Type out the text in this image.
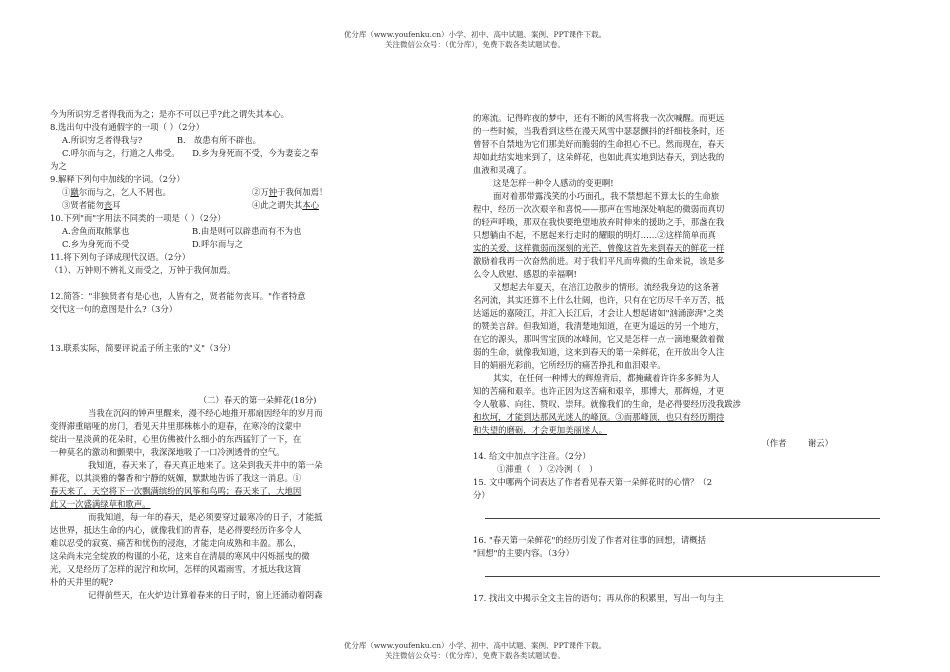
优分库（www.youfenku.cn）小学、初中、高中试题、案例、PPT课件下载。
关注微信公众号：（优分库），免费下载各类试题试卷。
今为所识穷乏者得我而为之；是亦不可以已乎?此之谓失其本心。
8.选出句中没有通假字的一项（ ）（2分）
A.所识穷乏者得我与?	B.　故患有所不辟也。
C.呼尔而与之，行道之人弗受。　　D.乡为身死而不受，今为妻妾之奉
为之
9.解释下列句中加线的字词。（2分）
①蹴尔而与之，乞人不屑也。	②万钟于我何加焉！
③贤者能勿丧耳	④此之谓失其本心
10.下列"而"字用法不同类的一项是（ ）（2分）
A.舍鱼而取熊掌也	B.由是则可以辟患而有不为也
C.乡为身死而不受	D.呼尔而与之
11.将下列句子译成现代汉语。（2分）
（1）、万钟则不辨礼义而受之，万钟于我何加焉。
12.简答："非独贤者有是心也，人皆有之，贤者能勿丧耳。"作者特意
交代这一句的意图是什么?（3分）
13.联系实际，简要评说孟子所主张的"义"（3分）
（二）春天的第一朵鲜花(18分)
当我在沉闷的钟声里醒来，漫不经心地推开那扇因经年的岁月而
变得滞重暗哑的房门，看见天井里那株栋小的迎春，在寒冷的汶蒙中
绽出一星淡黄的花朵时，心里仿佛被什么细小的东西猛钉了一下，在
一种莫名的激动和颤栗中，我深深地吸了一口冷洌透骨的空气。
我知道，春天来了，春天真正地来了。这朵到我天井中的第一朵
鲜花，以其淡雅的馨香和宁静的妩媚，默默地告诉了我这一消息。①
春天来了，天空将下一次飘满缤纷的风筝和鸟鸣；春天来了，大地因
此又一次盛满绿草和歌声。
而我知道，每一年的春天，是必须要穿过最寒冷的日子，才能抵
达世界，抵达生命的内心，就像我们的青春，是必得要经历许多令人
难以忍受的寂寞、痛苦和忧伤的浸泡，才能走向成熟和丰盈。那么，
这朵尚未完全绽放的构谨的小花，这来自在清晨的寒风中闪烁摇曳的微
光，又是经历了怎样的泥泞和坎坷，怎样的风霜雨雪，才抵达我这简
朴的天井里的呢?
记得前些天，在火炉边计算着春来的日子时，窗上还涌动着阴森
的寒流。记得昨夜的梦中，还有不断的风雪将我一次次喊醒。而更远
的一些时候，当我看到这些在漫天风雪中瑟瑟颤抖的纤细枝条时，还
曾替不自禁地为它们那美好而脆弱的生命担心不已。然而现在，春天
却如此结实地来到了，这朵鲜花，也如此真实地到达春天，到达我的
血液和灵魂了。
这是怎样一种令人感动的变更啊!
面对着那带露浅笑的小巧面孔，我不禁想起不算太长的生命旅
程中，经历一次次艰辛和喜悦——那声在雪地深处响起的微弱而真切
的轻声呼唤，那双在我快要绝望地放弃时伸来的援助之手，那盏在我
只想躺由不起，不愿起来行走时的耀眼的明灯……②这样简单而真
实的关爱，这样微弱而深刻的光芒，曾像这首先来到春天的鲜花一样
激励着我再一次奋然前进。对于我们平凡而卑微的生命来说，该是多
么令人欣慰、感恩的幸福啊!
又想起去年夏天，在涪江边散步的情形。流经我身边的这条著
名河流，其实还算不上什么壮阔，也许，只有在它历尽千辛万苦，抵
达遥远的嘉陵江，并汇入长江后，才会让人想起诸如"汹涌澎湃"之类
的赞美言辞。但我知道，我清楚地知道，在更为遥远的另一个地方，
在它的源头，那叫雪宝顶的冰峰间，它又是怎样一点一滴地聚敛着微
弱的生命，就像我知道，这来到春天的第一朵鲜花，在开放出令人注
目的娟丽光彩前，它所经历的痛苦挣扎和血泪艰辛。
其实，在任何一种博大的辉煌背后，都掩藏着许许多多鲜为人
知的苦痛和艰辛。也许正因为这苦痛和艰辛，那博大，那辉煌，才更
令人敬慕、向往、赞叹、崇拜。就像我们的生命，是必得要经历没我跋涉
和坎坷，才能到达那风光迷人的峰顶。③而那峰顶，也只有经历期待
和失望的磨砺，才会更加美丽迷人。
（作者	谢云）
14. 给文中加点字注音。（2分）
①滞重（　）②冷洌（　）
15. 文中哪两个词表达了作者看见春天第一朵鲜花时的心情？（2
分）
16. "春天第一朵鲜花"的经历引发了作者对往事的回想，请概括
"回想"的主要内容。（3分）
17. 找出文中揭示全文主旨的语句；再从你的积累里，写出一句与主
优分库（www.youfenku.cn）小学、初中、高中试题、案例、PPT课件下载。
关注微信公众号：（优分库），免费下载各类试题试卷。
